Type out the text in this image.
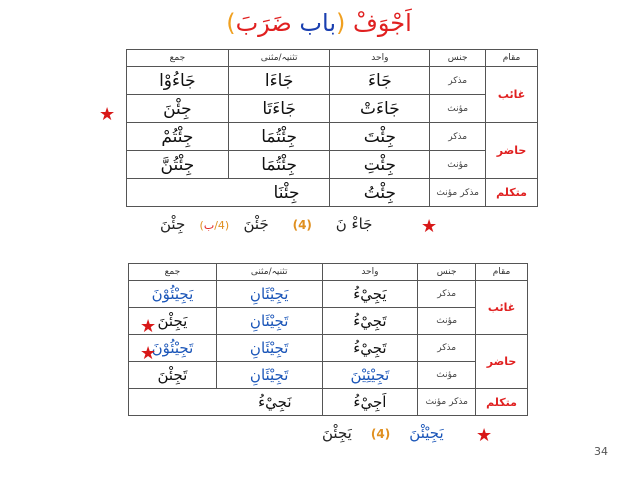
اَجْوَفْ (باب ضَرَبَ)
مقام	جنس	واحد	تثنیہ/مثنی	جمع
غائب	مذکر	جَاءَ	جَاءَا	جَاءُوْا
	مؤنث	جَاءَتْ	جَاءَتَا	جِئْنَ
حاضر	مذکر	جِئْتَ	جِئْتُمَا	جِئْتُمْ
	مؤنث	جِئْتِ	جِئْتُمَا	جِئْتُنَّ
متکلم	مذکر مؤنث	جِئْتُ	جِئْنَا	
★
★
جَاءْ نَ     (4)     جَئْنَ   (4/ب)   جِئْنَ
مقام	جنس	واحد	تثنیہ/مثنی	جمع
غائب	مذکر	يَجِيْءُ	يَجِيْئَانِ	يَجِيْئُوْنَ
	مؤنث	تَجِيْءُ	تَجِيْئَانِ	يَجِئْنَ
حاضر	مذکر	تَجِيْءُ	تَجِيْئَانِ	تَجِيْئُوْنَ
	مؤنث	تَجِيْئِيْنَ	تَجِيْئَانِ	تَجِئْنَ
متکلم	مذکر مؤنث	اَجِيْءُ	نَجِيْءُ	
★
★
★
يَجِيْئْنَ    (4)    يَجِئْنَ
34
